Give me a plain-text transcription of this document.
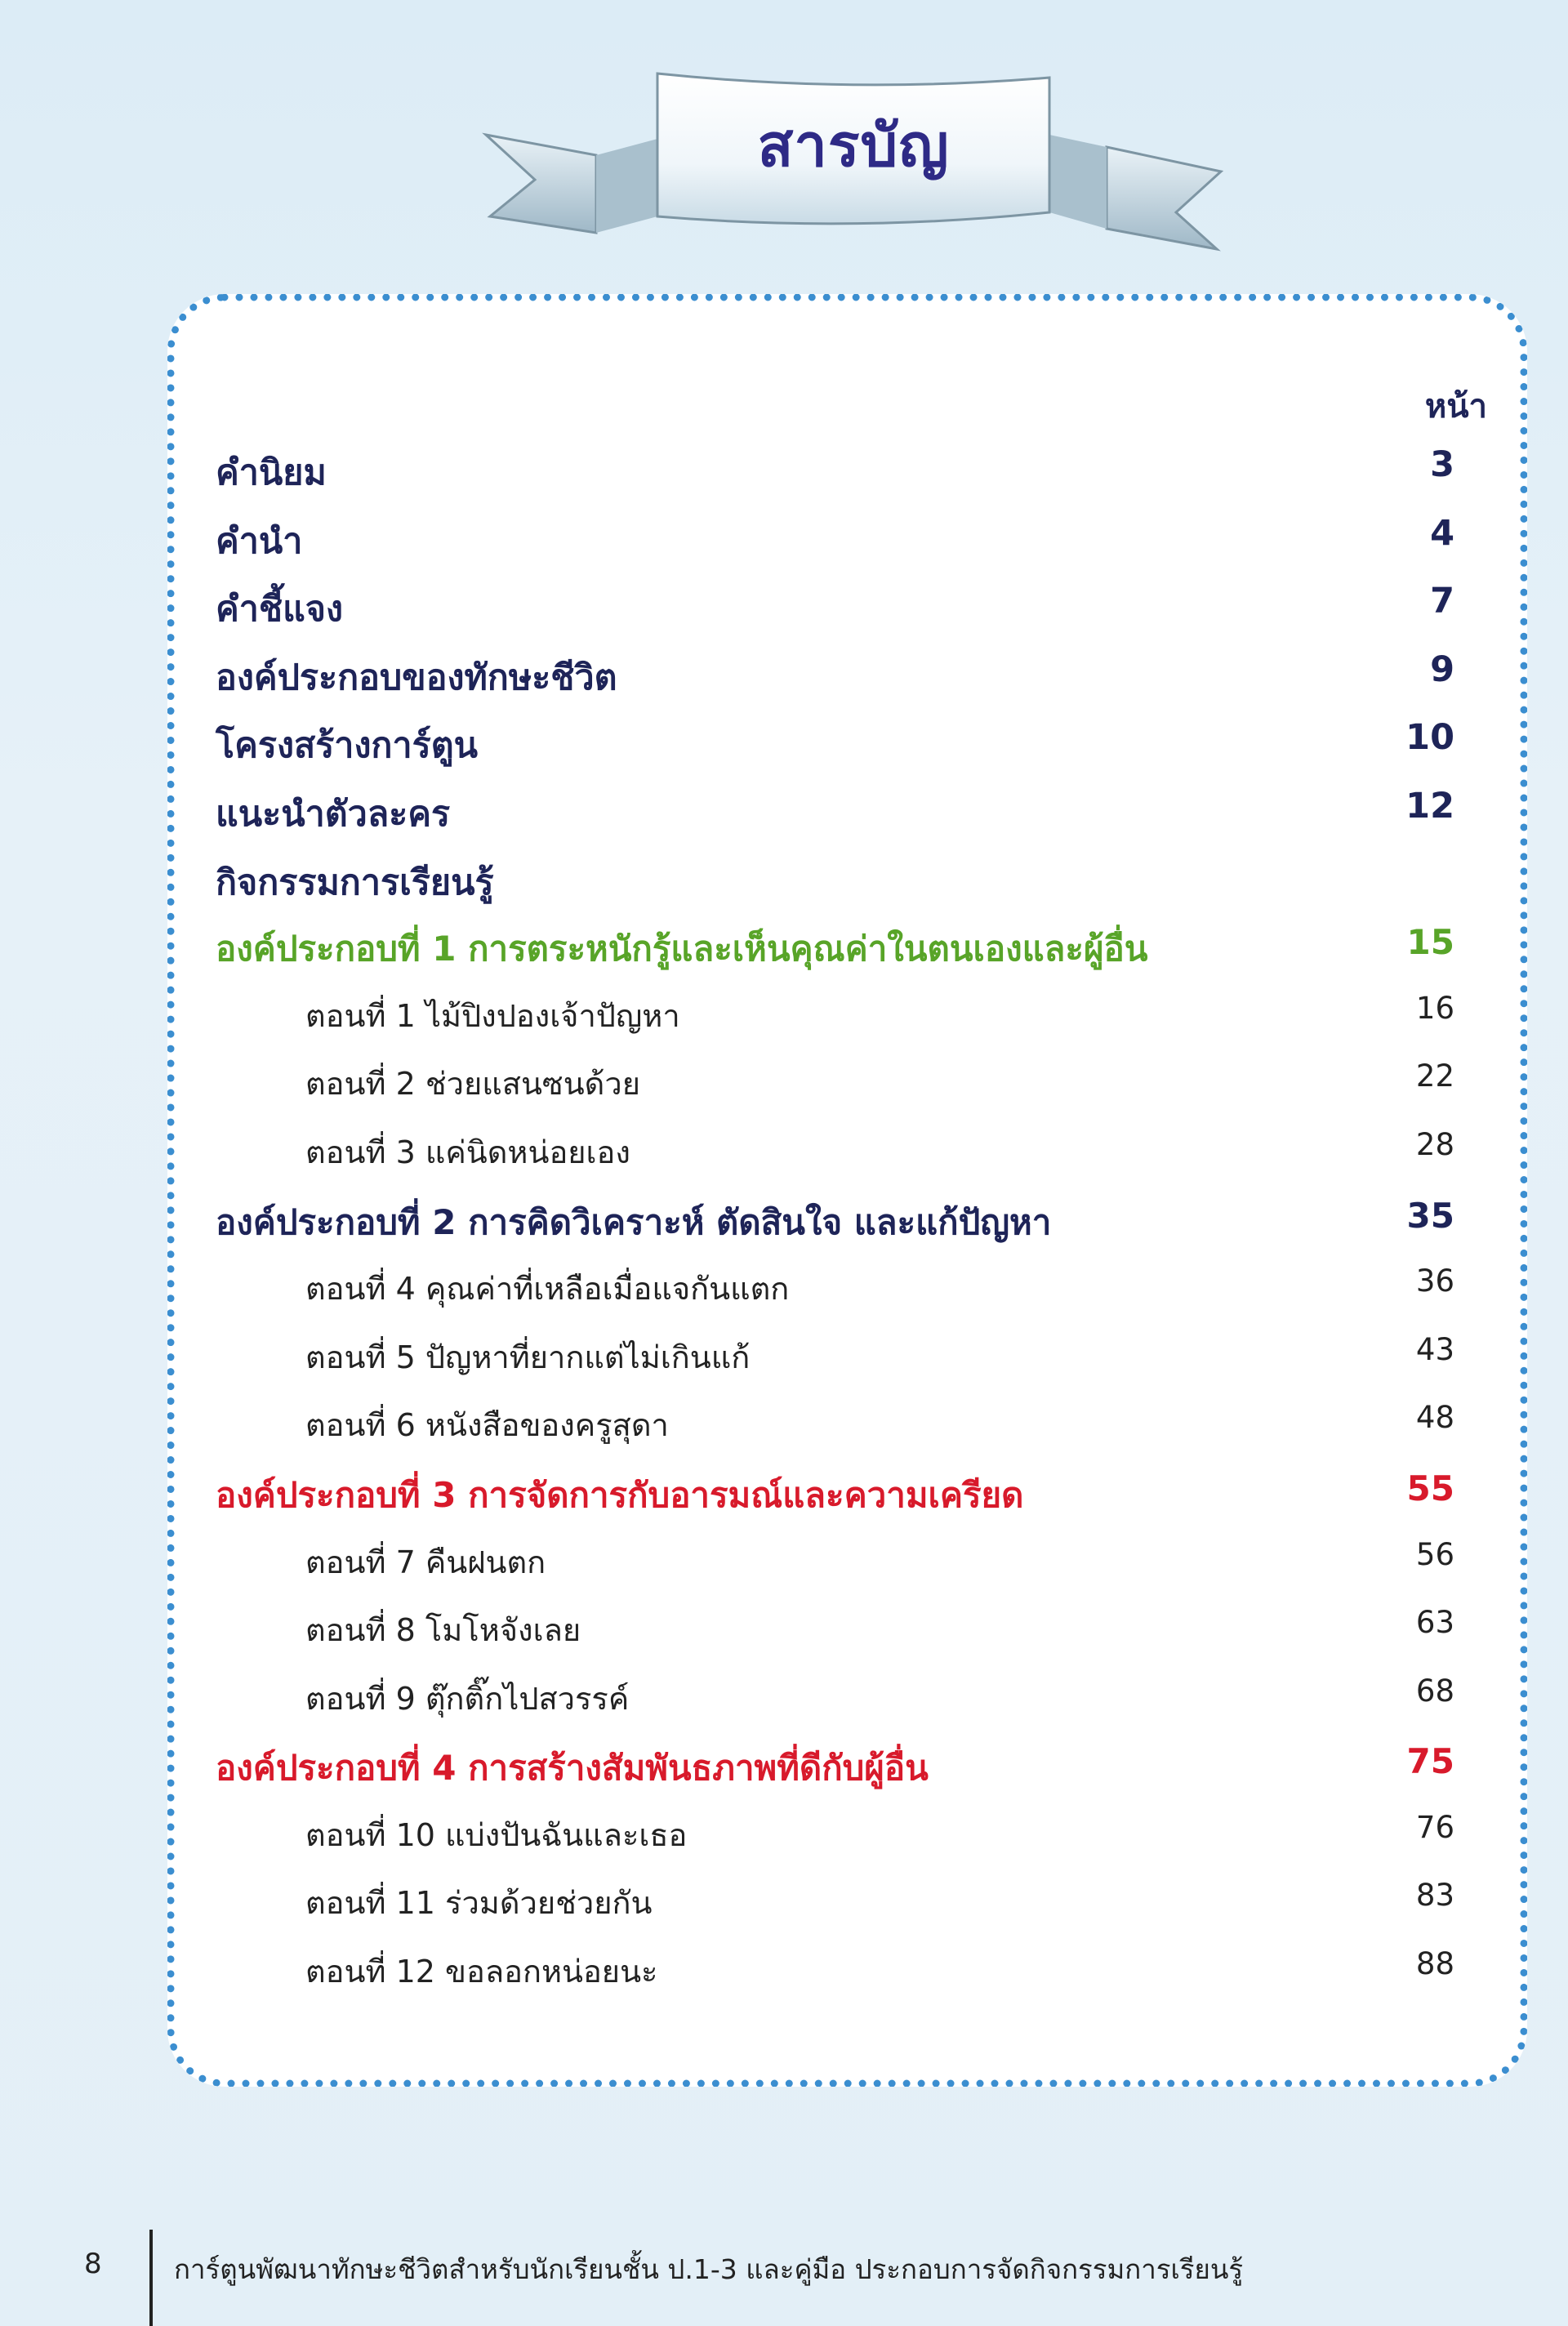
สารบัญ
หน้า
คำนิยม	3
คำนำ	4
คำชี้แจง	7
องค์ประกอบของทักษะชีวิต	9
โครงสร้างการ์ตูน	10
แนะนำตัวละคร	12
กิจกรรมการเรียนรู้
องค์ประกอบที่ 1 การตระหนักรู้และเห็นคุณค่าในตนเองและผู้อื่น	15
ตอนที่ 1 ไม้ปิงปองเจ้าปัญหา	16
ตอนที่ 2 ช่วยแสนซนด้วย	22
ตอนที่ 3 แค่นิดหน่อยเอง	28
องค์ประกอบที่ 2 การคิดวิเคราะห์ ตัดสินใจ และแก้ปัญหา	35
ตอนที่ 4 คุณค่าที่เหลือเมื่อแจกันแตก	36
ตอนที่ 5 ปัญหาที่ยากแต่ไม่เกินแก้	43
ตอนที่ 6 หนังสือของครูสุดา	48
องค์ประกอบที่ 3 การจัดการกับอารมณ์และความเครียด	55
ตอนที่ 7 คืนฝนตก	56
ตอนที่ 8 โมโหจังเลย	63
ตอนที่ 9 ตุ๊กติ๊กไปสวรรค์	68
องค์ประกอบที่ 4 การสร้างสัมพันธภาพที่ดีกับผู้อื่น	75
ตอนที่ 10 แบ่งปันฉันและเธอ	76
ตอนที่ 11 ร่วมด้วยช่วยกัน	83
ตอนที่ 12 ขอลอกหน่อยนะ	88
8	การ์ตูนพัฒนาทักษะชีวิตสำหรับนักเรียนชั้น ป.1-3 และคู่มือ ประกอบการจัดกิจกรรมการเรียนรู้
